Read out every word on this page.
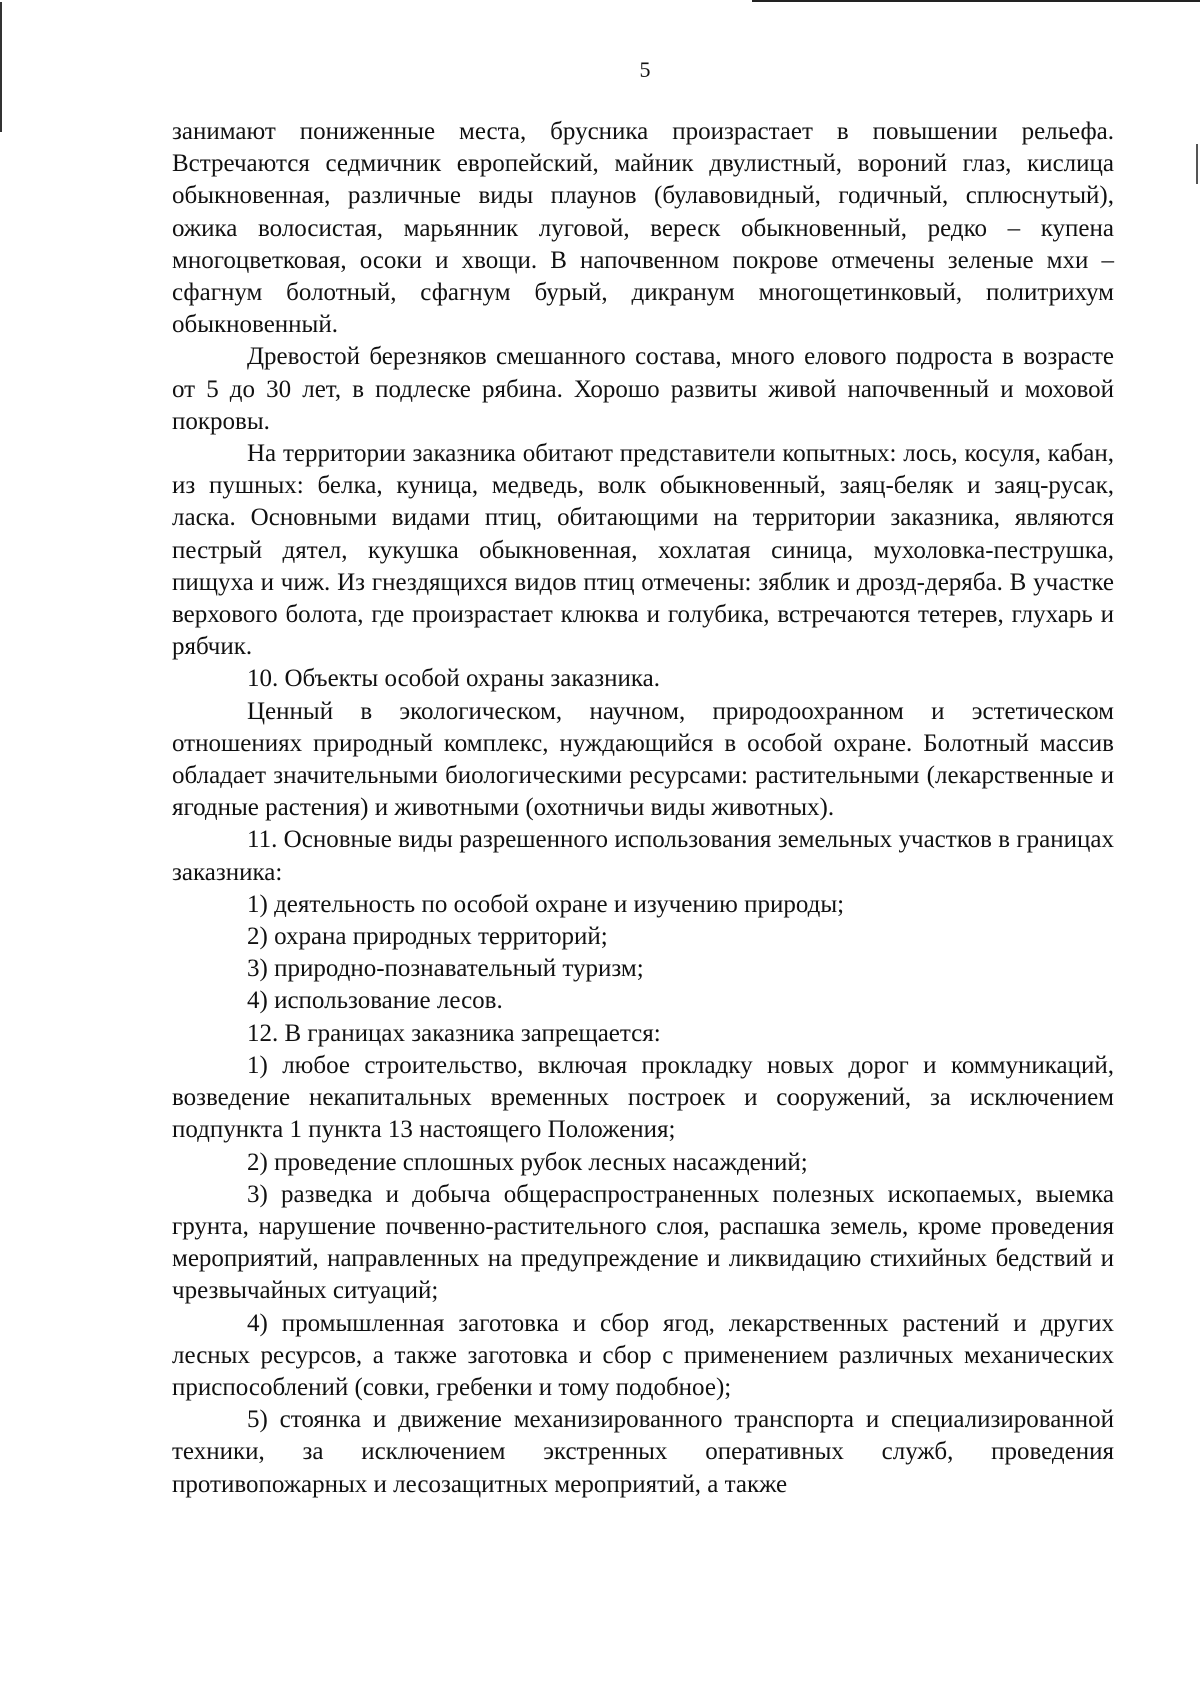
5

занимают пониженные места, брусника произрастает в повышении рельефа. Встречаются седмичник европейский, майник двулистный, вороний глаз, кислица обыкновенная, различные виды плаунов (булавовидный, годичный, сплюснутый), ожика волосистая, марьянник луговой, вереск обыкновенный, редко – купена многоцветковая, осоки и хвощи. В напочвенном покрове отмечены зеленые мхи – сфагнум болотный, сфагнум бурый, дикранум многощетинковый, политрихум обыкновенный.

Древостой березняков смешанного состава, много елового подроста в возрасте от 5 до 30 лет, в подлеске рябина. Хорошо развиты живой напочвенный и моховой покровы.

На территории заказника обитают представители копытных: лось, косуля, кабан, из пушных: белка, куница, медведь, волк обыкновенный, заяц-беляк и заяц-русак, ласка. Основными видами птиц, обитающими на территории заказника, являются пестрый дятел, кукушка обыкновенная, хохлатая синица, мухоловка-пеструшка, пищуха и чиж. Из гнездящихся видов птиц отмечены: зяблик и дрозд-деряба. В участке верхового болота, где произрастает клюква и голубика, встречаются тетерев, глухарь и рябчик.

10. Объекты особой охраны заказника.

Ценный в экологическом, научном, природоохранном и эстетическом отношениях природный комплекс, нуждающийся в особой охране. Болотный массив обладает значительными биологическими ресурсами: растительными (лекарственные и ягодные растения) и животными (охотничьи виды животных).

11. Основные виды разрешенного использования земельных участков в границах заказника:

1) деятельность по особой охране и изучению природы;

2) охрана природных территорий;

3) природно-познавательный туризм;

4) использование лесов.

12. В границах заказника запрещается:

1) любое строительство, включая прокладку новых дорог и коммуникаций, возведение некапитальных временных построек и сооружений, за исключением подпункта 1 пункта 13 настоящего Положения;

2) проведение сплошных рубок лесных насаждений;

3) разведка и добыча общераспространенных полезных ископаемых, выемка грунта, нарушение почвенно-растительного слоя, распашка земель, кроме проведения мероприятий, направленных на предупреждение и ликвидацию стихийных бедствий и чрезвычайных ситуаций;

4) промышленная заготовка и сбор ягод, лекарственных растений и других лесных ресурсов, а также заготовка и сбор с применением различных механических приспособлений (совки, гребенки и тому подобное);

5) стоянка и движение механизированного транспорта и специализированной техники, за исключением экстренных оперативных служб, проведения противопожарных и лесозащитных мероприятий, а также
